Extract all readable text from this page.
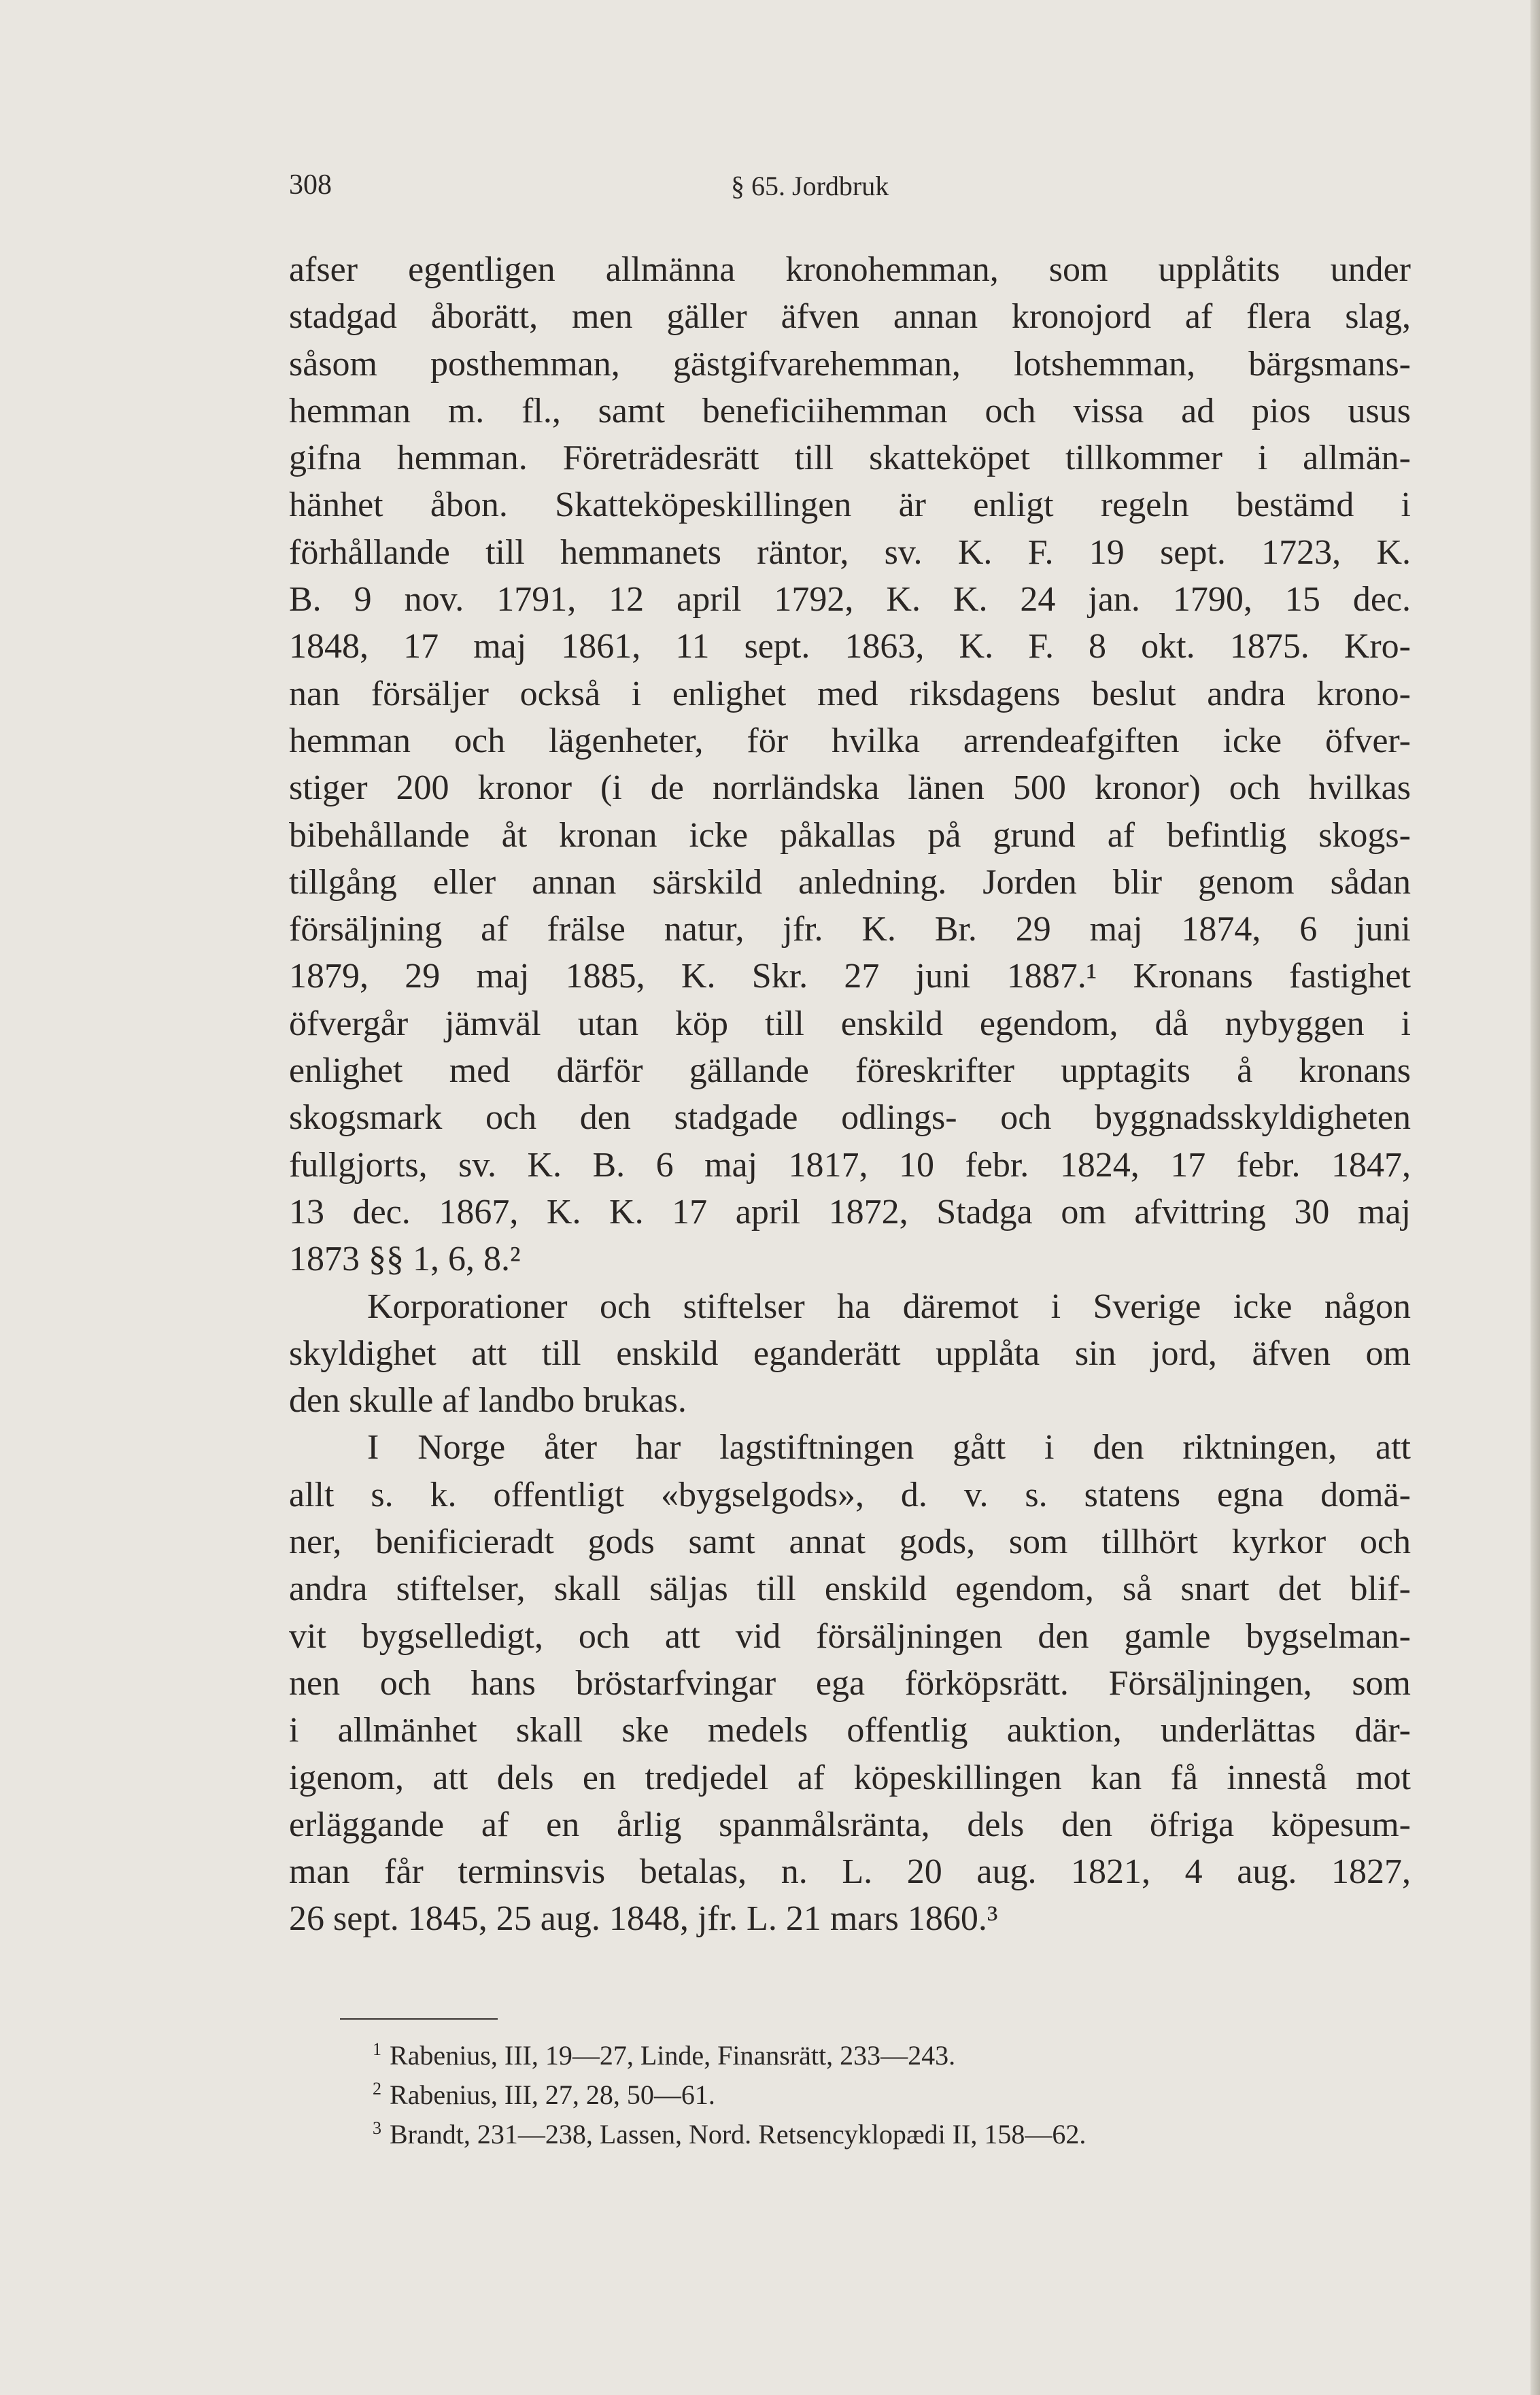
308	§ 65. Jordbruk
afser egentligen allmänna kronohemman, som upplåtits under
stadgad åborätt, men gäller äfven annan kronojord af flera slag,
såsom posthemman, gästgifvarehemman, lotshemman, bärgsmans-
hemman m. fl., samt beneficiihemman och vissa ad pios usus
gifna hemman. Företrädesrätt till skatteköpet tillkommer i allmän-
hänhet åbon. Skatteköpeskillingen är enligt regeln bestämd i
förhållande till hemmanets räntor, sv. K. F. 19 sept. 1723, K.
B. 9 nov. 1791, 12 april 1792, K. K. 24 jan. 1790, 15 dec.
1848, 17 maj 1861, 11 sept. 1863, K. F. 8 okt. 1875. Kro-
nan försäljer också i enlighet med riksdagens beslut andra krono-
hemman och lägenheter, för hvilka arrendeafgiften icke öfver-
stiger 200 kronor (i de norrländska länen 500 kronor) och hvilkas
bibehållande åt kronan icke påkallas på grund af befintlig skogs-
tillgång eller annan särskild anledning. Jorden blir genom sådan
försäljning af frälse natur, jfr. K. Br. 29 maj 1874, 6 juni
1879, 29 maj 1885, K. Skr. 27 juni 1887.¹ Kronans fastighet
öfvergår jämväl utan köp till enskild egendom, då nybyggen i
enlighet med därför gällande föreskrifter upptagits å kronans
skogsmark och den stadgade odlings- och byggnadsskyldigheten
fullgjorts, sv. K. B. 6 maj 1817, 10 febr. 1824, 17 febr. 1847,
13 dec. 1867, K. K. 17 april 1872, Stadga om afvittring 30 maj
1873 §§ 1, 6, 8.²
Korporationer och stiftelser ha däremot i Sverige icke någon
skyldighet att till enskild eganderätt upplåta sin jord, äfven om
den skulle af landbo brukas.
I Norge åter har lagstiftningen gått i den riktningen, att
allt s. k. offentligt «bygselgods», d. v. s. statens egna domä-
ner, benificieradt gods samt annat gods, som tillhört kyrkor och
andra stiftelser, skall säljas till enskild egendom, så snart det blif-
vit bygselledigt, och att vid försäljningen den gamle bygselman-
nen och hans bröstarfvingar ega förköpsrätt. Försäljningen, som
i allmänhet skall ske medels offentlig auktion, underlättas där-
igenom, att dels en tredjedel af köpeskillingen kan få innestå mot
erläggande af en årlig spanmålsränta, dels den öfriga köpesum-
man får terminsvis betalas, n. L. 20 aug. 1821, 4 aug. 1827,
26 sept. 1845, 25 aug. 1848, jfr. L. 21 mars 1860.³
$^1$ Rabenius, III, 19—27, Linde, Finansrätt, 233—243.
$^2$ Rabenius, III, 27, 28, 50—61.
$^3$ Brandt, 231—238, Lassen, Nord. Retsencyklopædi II, 158—62.
